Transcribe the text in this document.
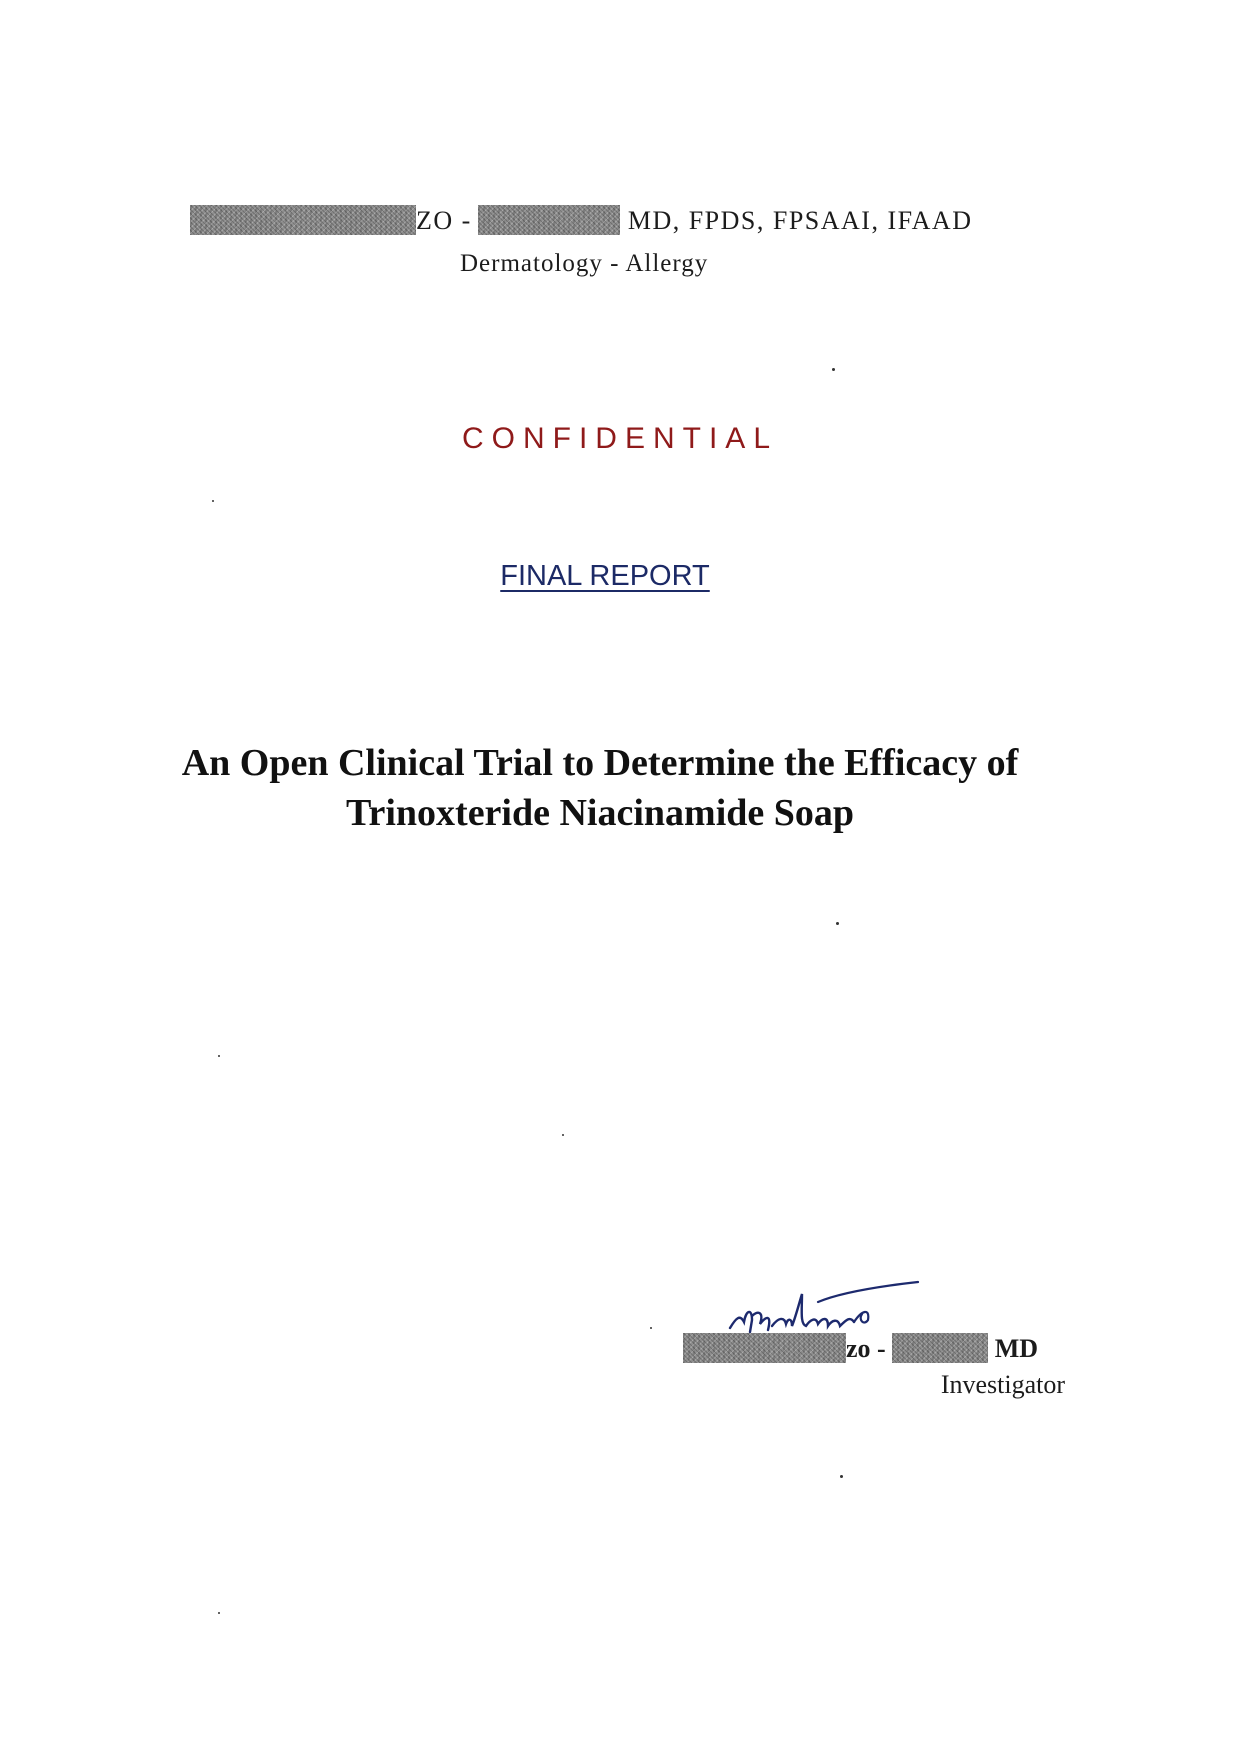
ZO -	MD, FPDS, FPSAAI, IFAAD
Dermatology - Allergy
CONFIDENTIAL
FINAL REPORT
An Open Clinical Trial to Determine the Efficacy of
Trinoxteride Niacinamide Soap
zo -	MD
Investigator
